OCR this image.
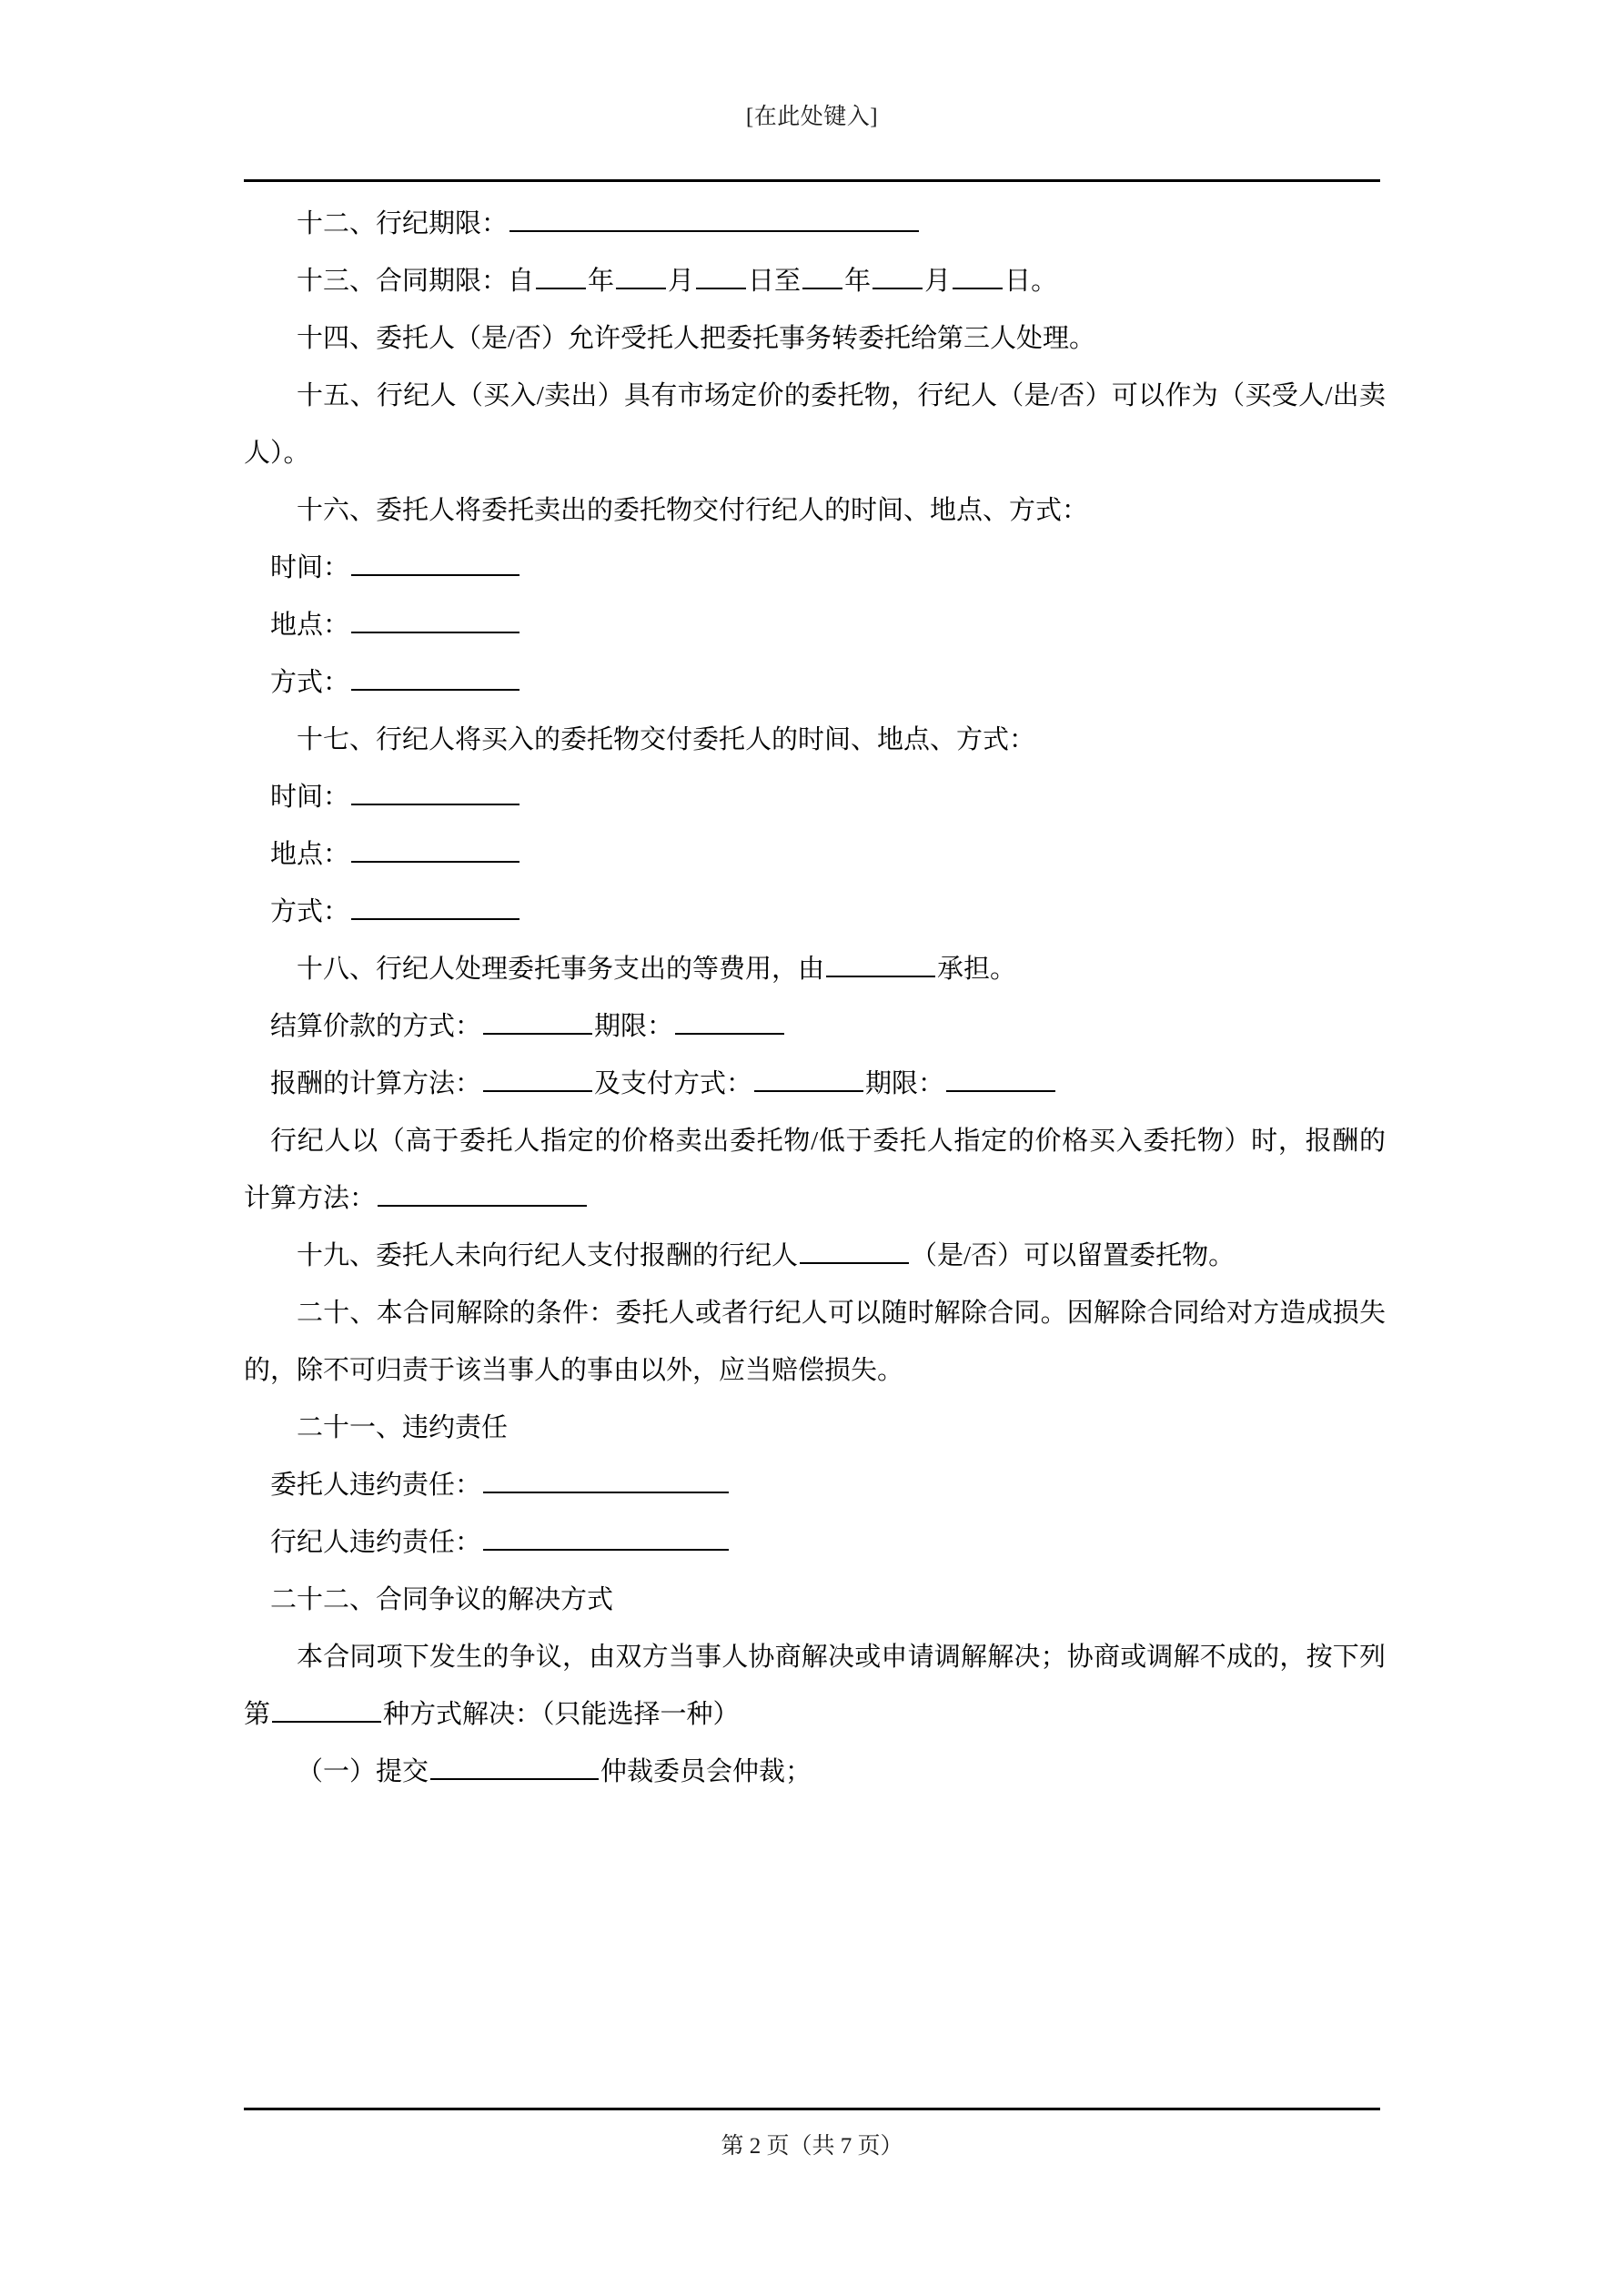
[在此处键入]

十二、行纪期限：

十三、合同期限：自 年 月 日至 年 月 日。

十四、委托人（是/否）允许受托人把委托事务转委托给第三人处理。

十五、行纪人（买入/卖出）具有市场定价的委托物，行纪人（是/否）可以作为（买受人/出卖人）。

十六、委托人将委托卖出的委托物交付行纪人的时间、地点、方式：

时间：

地点：

方式：

十七、行纪人将买入的委托物交付委托人的时间、地点、方式：

时间：

地点：

方式：

十八、行纪人处理委托事务支出的等费用，由	承担。

结算价款的方式：	期限：

报酬的计算方法：	及支付方式：	期限：

行纪人以（高于委托人指定的价格卖出委托物/低于委托人指定的价格买入委托物）时，报酬的计算方法：

十九、委托人未向行纪人支付报酬的行纪人	（是/否）可以留置委托物。

二十、本合同解除的条件：委托人或者行纪人可以随时解除合同。因解除合同给对方造成损失的，除不可归责于该当事人的事由以外，应当赔偿损失。

二十一、违约责任

委托人违约责任：

行纪人违约责任：

二十二、合同争议的解决方式

本合同项下发生的争议，由双方当事人协商解决或申请调解解决；协商或调解不成的，按下列第	种方式解决：（只能选择一种）

（一）提交	仲裁委员会仲裁；

第 2 页（共 7 页）
